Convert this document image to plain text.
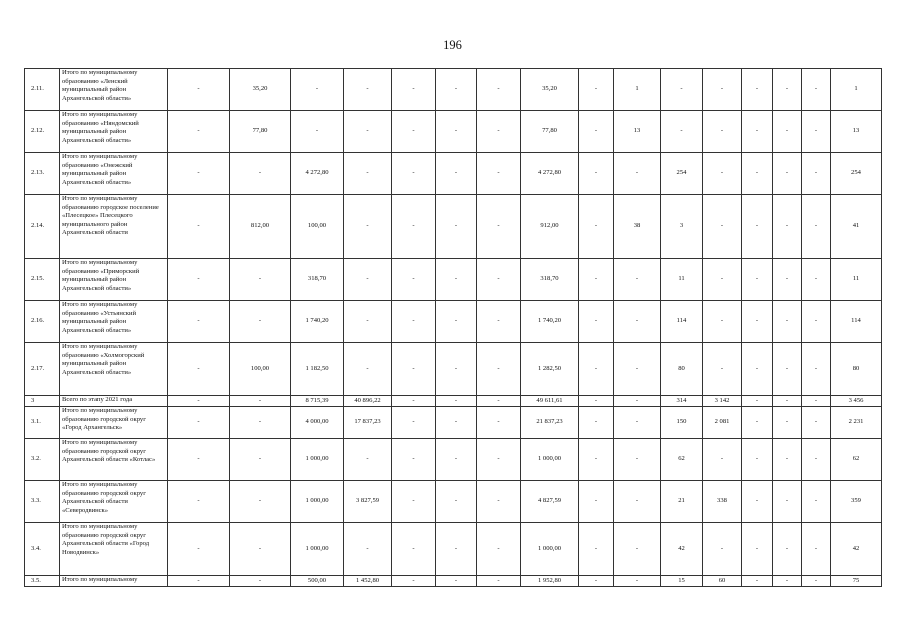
196
2.11.	Итого по муниципальному образованию «Ленский муниципальный район Архангельской области»	-	35,20	-	-	-	-	-	35,20	-	1	-	-	-	-	-	1
2.12.	Итого по муниципальному образованию «Няндомский муниципальный район Архангельской области»	-	77,80	-	-	-	-	-	77,80	-	13	-	-	-	-	-	13
2.13.	Итого по муниципальному образованию «Онежский муниципальный район Архангельской области»	-	-	4 272,80	-	-	-	-	4 272,80	-	-	254	-	-	-	-	254
2.14.	Итого по муниципальному образованию городское поселение «Плесецкое» Плесецкого муниципального район Архангельской области	-	812,00	100,00	-	-	-	-	912,00	-	38	3	-	-	-	-	41
2.15.	Итого по муниципальному образованию «Приморский муниципальный район Архангельской области»	-	-	318,70	-	-	-	-	318,70	-	-	11	-	-	-	-	11
2.16.	Итого по муниципальному образованию «Устьянский муниципальный район Архангельской области»	-	-	1 740,20	-	-	-	-	1 740,20	-	-	114	-	-	-	-	114
2.17.	Итого по муниципальному образованию «Холмогорский муниципальный район Архангельской области»	-	100,00	1 182,50	-	-	-	-	1 282,50	-	-	80	-	-	-	-	80
3	Всего по этапу 2021 года	-	-	8 715,39	40 896,22	-	-	-	49 611,61	-	-	314	3 142	-	-	-	3 456
3.1.	Итого по муниципальному образованию городской округ «Город Архангельск»	-	-	4 000,00	17 837,23	-	-	-	21 837,23	-	-	150	2 081	-	-	-	2 231
3.2.	Итого по муниципальному образованию городской округ Архангельской области «Котлас»	-	-	1 000,00	-	-	-	-	1 000,00	-	-	62	-	-	-	-	62
3.3.	Итого по муниципальному образованию городской округ Архангельской области «Северодвинск»	-	-	1 000,00	3 827,59	-	-	-	4 827,59	-	-	21	338	-	-	-	359
3.4.	Итого по муниципальному образованию городской округ Архангельской области «Город Новодвинск»	-	-	1 000,00	-	-	-	-	1 000,00	-	-	42	-	-	-	-	42
3.5.	Итого по муниципальному	-	-	500,00	1 452,80	-	-	-	1 952,80	-	-	15	60	-	-	-	75
